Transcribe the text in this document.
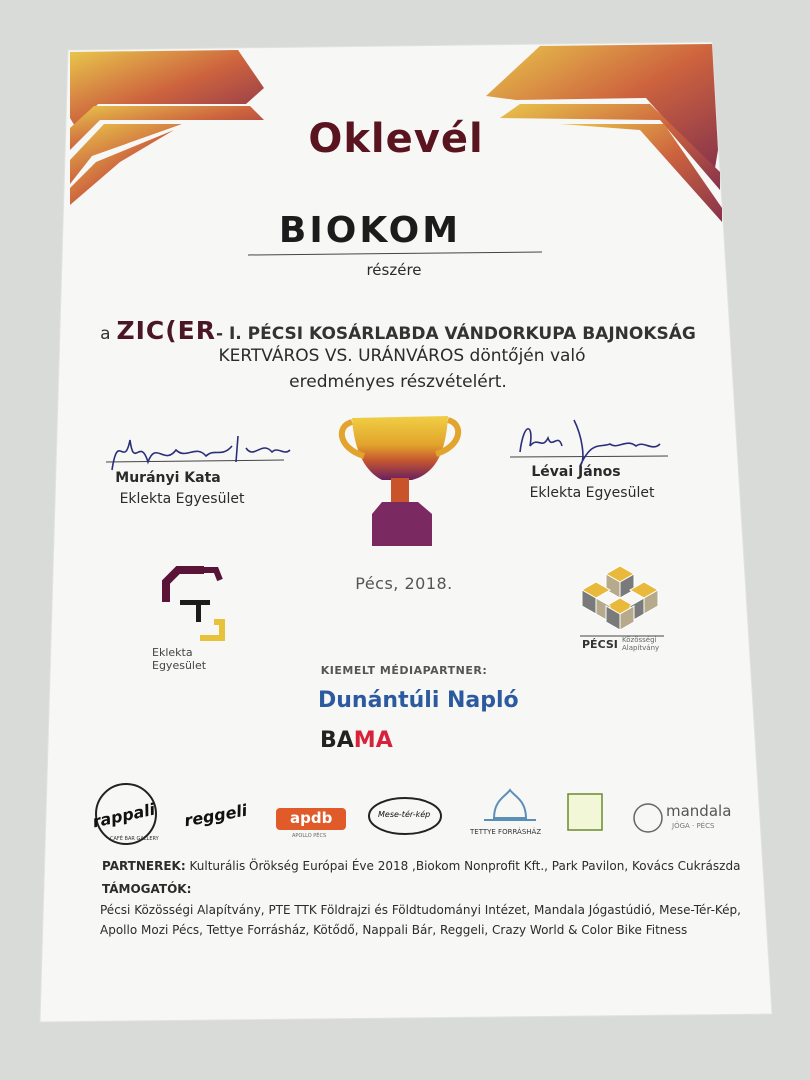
Oklevél
BIOKOM
részére
a ZIC(ER- I. PÉCSI KOSÁRLABDA VÁNDORKUPA BAJNOKSÁG
KERTVÁROS VS. URÁNVÁROS döntőjén való
eredményes részvételért.
Murányi Kata
Eklekta Egyesület
Lévai János
Eklekta Egyesület
Pécs, 2018.
Eklekta
Egyesület
PÉCSI Közösségi
Alapítvány
KIEMELT MÉDIAPARTNER:
Dunántúli Napló
BAMA
rappali
CAFÉ BAR GALLERY
reggeli	apdb
APOLLO PÉCS
Mese-tér-kép
TETTYE FORRÁSHÁZ
mandala
JÓGA · PÉCS
PARTNEREK: Kulturális Örökség Európai Éve 2018 ,Biokom Nonprofit Kft., Park Pavilon, Kovács Cukrászda
TÁMOGATÓK:
Pécsi Közösségi Alapítvány, PTE TTK Földrajzi és Földtudományi Intézet, Mandala Jógastúdió, Mese-Tér-Kép,
Apollo Mozi Pécs, Tettye Forrásház, Kötődő, Nappali Bár, Reggeli, Crazy World & Color Bike Fitness
